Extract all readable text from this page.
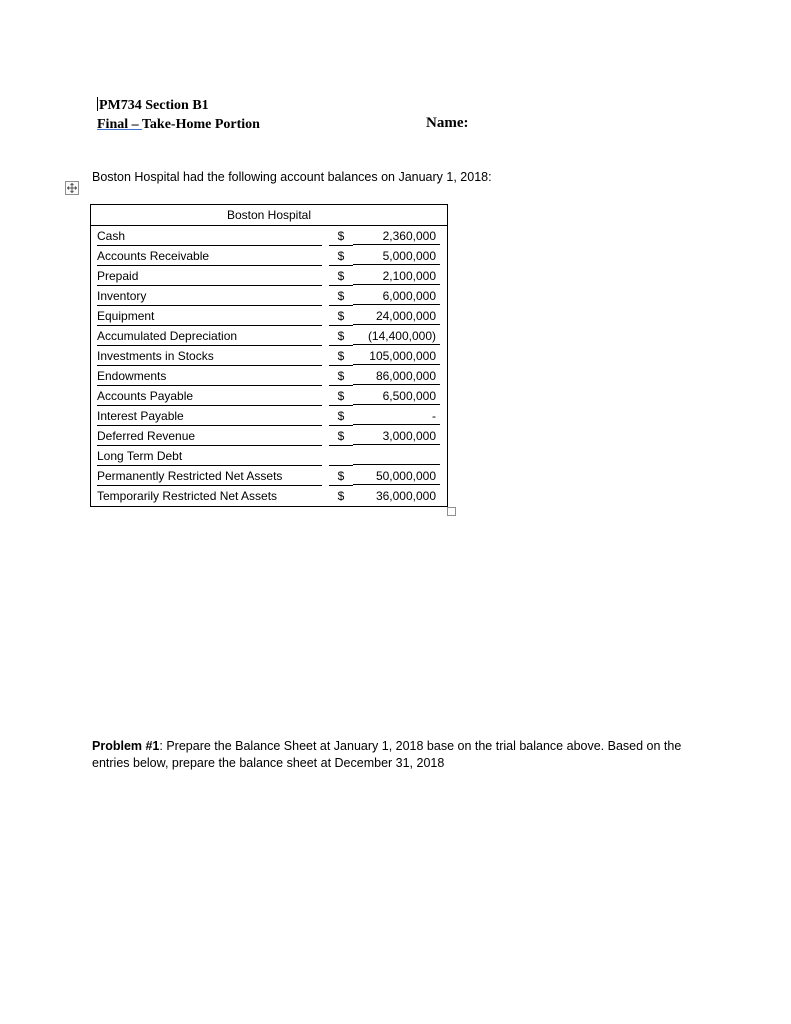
PM734 Section B1
Final – Take-Home Portion	Name:
Boston Hospital had the following account balances on January 1, 2018:
Boston Hospital
Cash	$	2,360,000
Accounts Receivable	$	5,000,000
Prepaid	$	2,100,000
Inventory	$	6,000,000
Equipment	$	24,000,000
Accumulated Depreciation	$	(14,400,000)
Investments in Stocks	$	105,000,000
Endowments	$	86,000,000
Accounts Payable	$	6,500,000
Interest Payable	$	-
Deferred Revenue	$	3,000,000
Long Term Debt
Permanently Restricted Net Assets	$	50,000,000
Temporarily Restricted Net Assets	$	36,000,000
Problem #1: Prepare the Balance Sheet at January 1, 2018 base on the trial balance above. Based on the entries below, prepare the balance sheet at December 31, 2018
